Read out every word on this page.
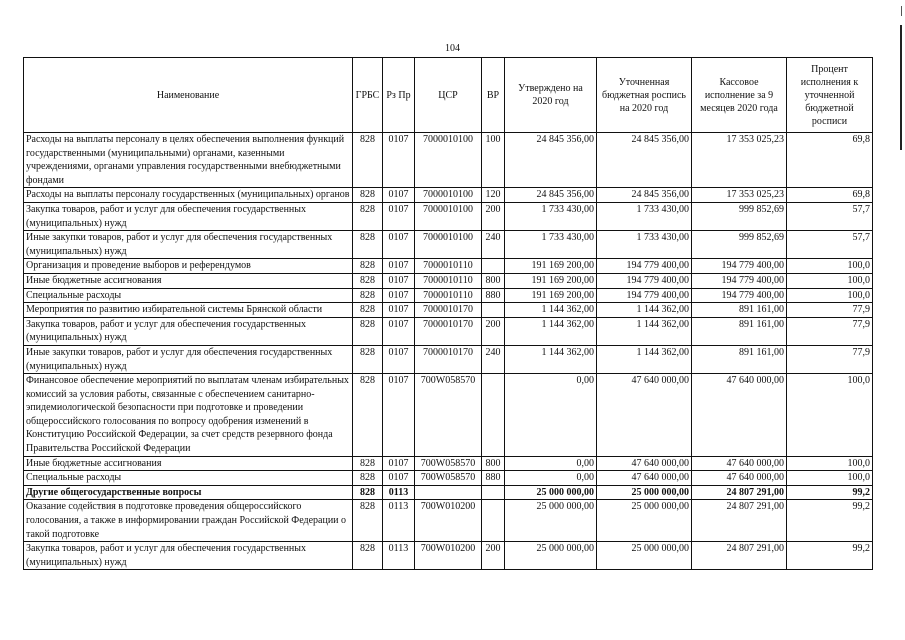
104
Наименование	ГРБС	Рз Пр	ЦСР	ВР	Утверждено на 2020 год	Уточненная бюджетная роспись на 2020 год	Кассовое исполнение за 9 месяцев 2020 года	Процент исполнения к уточненной бюджетной росписи
Расходы на выплаты персоналу в целях обеспечения выполнения функций государственными (муниципальными) органами, казенными учреждениями, органами управления государственными внебюджетными фондами	828	0107	7000010100	100	24 845 356,00	24 845 356,00	17 353 025,23	69,8
Расходы на выплаты персоналу государственных (муниципальных) органов	828	0107	7000010100	120	24 845 356,00	24 845 356,00	17 353 025,23	69,8
Закупка товаров, работ и услуг для обеспечения государственных (муниципальных) нужд	828	0107	7000010100	200	1 733 430,00	1 733 430,00	999 852,69	57,7
Иные закупки товаров, работ и услуг для обеспечения государственных (муниципальных) нужд	828	0107	7000010100	240	1 733 430,00	1 733 430,00	999 852,69	57,7
Организация и проведение выборов и референдумов	828	0107	7000010110		191 169 200,00	194 779 400,00	194 779 400,00	100,0
Иные бюджетные ассигнования	828	0107	7000010110	800	191 169 200,00	194 779 400,00	194 779 400,00	100,0
Специальные расходы	828	0107	7000010110	880	191 169 200,00	194 779 400,00	194 779 400,00	100,0
Мероприятия по развитию избирательной системы Брянской области	828	0107	7000010170		1 144 362,00	1 144 362,00	891 161,00	77,9
Закупка товаров, работ и услуг для обеспечения государственных (муниципальных) нужд	828	0107	7000010170	200	1 144 362,00	1 144 362,00	891 161,00	77,9
Иные закупки товаров, работ и услуг для обеспечения государственных (муниципальных) нужд	828	0107	7000010170	240	1 144 362,00	1 144 362,00	891 161,00	77,9
Финансовое обеспечение мероприятий по выплатам членам избирательных комиссий за условия работы, связанные с обеспечением санитарно-эпидемиологической безопасности при подготовке и проведении общероссийского голосования по вопросу одобрения изменений в Конституцию Российской Федерации, за счет средств резервного фонда Правительства Российской Федерации	828	0107	700W058570		0,00	47 640 000,00	47 640 000,00	100,0
Иные бюджетные ассигнования	828	0107	700W058570	800	0,00	47 640 000,00	47 640 000,00	100,0
Специальные расходы	828	0107	700W058570	880	0,00	47 640 000,00	47 640 000,00	100,0
Другие общегосударственные вопросы	828	0113			25 000 000,00	25 000 000,00	24 807 291,00	99,2
Оказание содействия в подготовке проведения общероссийского голосования, а также в информировании граждан Российской Федерации о такой подготовке	828	0113	700W010200		25 000 000,00	25 000 000,00	24 807 291,00	99,2
Закупка товаров, работ и услуг для обеспечения государственных (муниципальных) нужд	828	0113	700W010200	200	25 000 000,00	25 000 000,00	24 807 291,00	99,2
